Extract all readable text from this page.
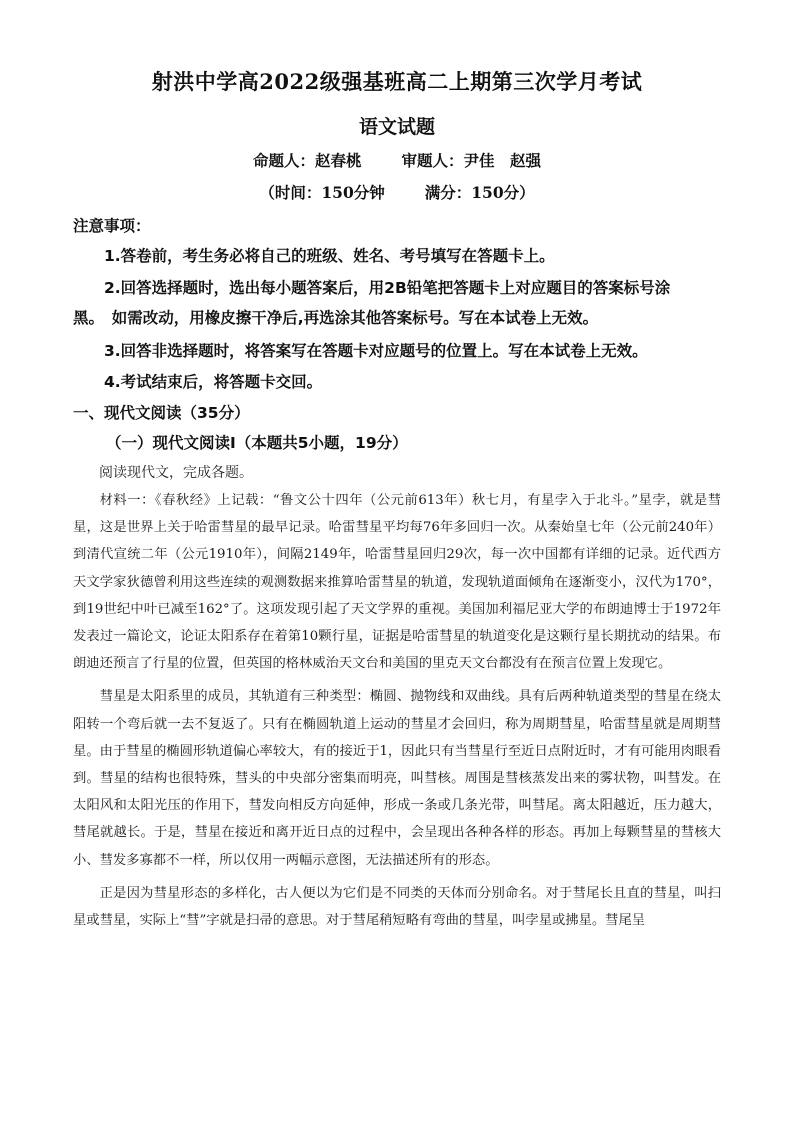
射洪中学高2022级强基班高二上期第三次学月考试
语文试题
命题人：赵春桃	审题人：尹佳　赵强
（时间：150分钟	满分：150分）
注意事项：
1.答卷前，考生务必将自己的班级、姓名、考号填写在答题卡上。
2.回答选择题时，选出每小题答案后，用2B铅笔把答题卡上对应题目的答案标号涂
黑。　如需改动，用橡皮擦干净后,再选涂其他答案标号。写在本试卷上无效。
3.回答非选择题时，将答案写在答题卡对应题号的位置上。写在本试卷上无效。
4.考试结束后，将答题卡交回。
一、现代文阅读（35分）
（一）现代文阅读Ⅰ（本题共5小题，19分）
阅读现代文，完成各题。

材料一：《春秋经》上记载：“鲁文公十四年（公元前613年）秋七月，有星孛入于北斗。”星孛，就是彗星，这是世界上关于哈雷彗星的最早记录。哈雷彗星平均每76年多回归一次。从秦始皇七年（公元前240年）到清代宣统二年（公元1910年），间隔2149年，哈雷彗星回归29次，每一次中国都有详细的记录。近代西方天文学家狄德曾利用这些连续的观测数据来推算哈雷彗星的轨道，发现轨道面倾角在逐渐变小，汉代为170°，到19世纪中叶已减至162°了。这项发现引起了天文学界的重视。美国加利福尼亚大学的布朗迪博士于1972年发表过一篇论文，论证太阳系存在着第10颗行星，证据是哈雷彗星的轨道变化是这颗行星长期扰动的结果。布朗迪还预言了行星的位置，但英国的格林威治天文台和美国的里克天文台都没有在预言位置上发现它。

彗星是太阳系里的成员，其轨道有三种类型：椭圆、抛物线和双曲线。具有后两种轨道类型的彗星在绕太阳转一个弯后就一去不复返了。只有在椭圆轨道上运动的彗星才会回归，称为周期彗星，哈雷彗星就是周期彗星。由于彗星的椭圆形轨道偏心率较大，有的接近于1，因此只有当彗星行至近日点附近时，才有可能用肉眼看到。彗星的结构也很特殊，彗头的中央部分密集而明亮，叫彗核。周围是彗核蒸发出来的雾状物，叫彗发。在太阳风和太阳光压的作用下，彗发向相反方向延伸，形成一条或几条光带，叫彗尾。离太阳越近，压力越大，彗尾就越长。于是，彗星在接近和离开近日点的过程中，会呈现出各种各样的形态。再加上每颗彗星的彗核大小、彗发多寡都不一样，所以仅用一两幅示意图，无法描述所有的形态。

正是因为彗星形态的多样化，古人便以为它们是不同类的天体而分别命名。对于彗尾长且直的彗星，叫扫星或彗星，实际上“彗”字就是扫帚的意思。对于彗尾稍短略有弯曲的彗星，叫孛星或拂星。彗尾呈
